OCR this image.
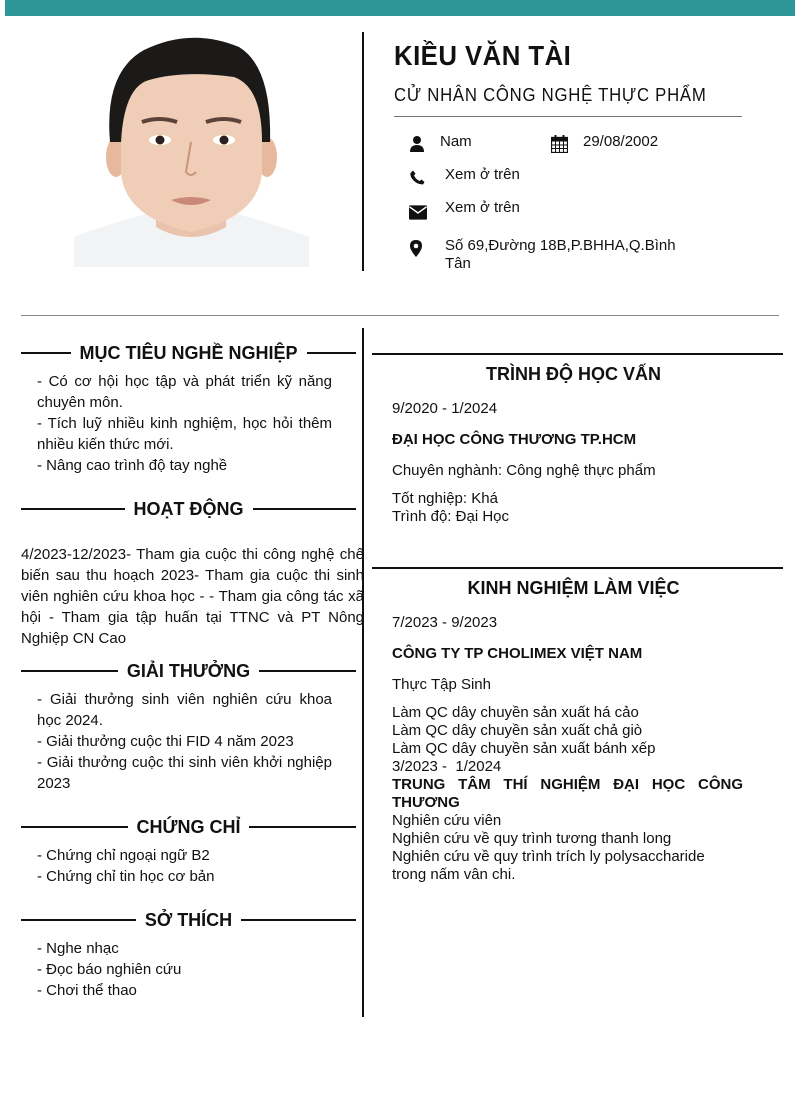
KIỀU VĂN TÀI
CỬ NHÂN CÔNG NGHỆ THỰC PHẨM
Nam	29/08/2002
Xem ở trên
Xem ở trên
Số 69,Đường 18B,P.BHHA,Q.Bình
Tân
MỤC TIÊU NGHỀ NGHIỆP
- Có cơ hội học tập và phát triển kỹ năng chuyên môn.
- Tích luỹ nhiều kinh nghiệm, học hỏi thêm nhiều kiến thức mới.
- Nâng cao trình độ tay nghề
HOẠT ĐỘNG
4/2023-12/2023- Tham gia cuộc thi công nghệ chế biến sau thu hoạch 2023- Tham gia cuộc thi sinh viên nghiên cứu khoa học - - Tham gia công tác xã hội - Tham gia tập huấn tại TTNC và PT Nông Nghiệp CN Cao
GIẢI THƯỞNG
- Giải thưởng sinh viên nghiên cứu khoa học 2024.
- Giải thưởng cuộc thi FID 4 năm 2023
- Giải thưởng cuộc thi sinh viên khởi nghiệp 2023
CHỨNG CHỈ
- Chứng chỉ ngoại ngữ B2
- Chứng chỉ tin học cơ bản
SỞ THÍCH
- Nghe nhạc
- Đọc báo nghiên cứu
- Chơi thể thao
TRÌNH ĐỘ HỌC VẤN
9/2020 - 1/2024
ĐẠI HỌC CÔNG THƯƠNG TP.HCM
Chuyên nghành: Công nghệ thực phẩm
Tốt nghiệp: Khá
Trình độ: Đại Học
KINH NGHIỆM LÀM VIỆC
7/2023 - 9/2023
CÔNG TY TP CHOLIMEX VIỆT NAM
Thực Tập Sinh
Làm QC dây chuyền sản xuất há cảo
Làm QC dây chuyền sản xuất chả giò
Làm QC dây chuyền sản xuất bánh xếp
3/2023 -  1/2024
TRUNG TÂM THÍ NGHIỆM ĐẠI HỌC CÔNG THƯƠNG
Nghiên cứu viên
Nghiên cứu về quy trình tương thanh long
Nghiên cứu về quy trình trích ly polysaccharide trong nấm vân chi.
